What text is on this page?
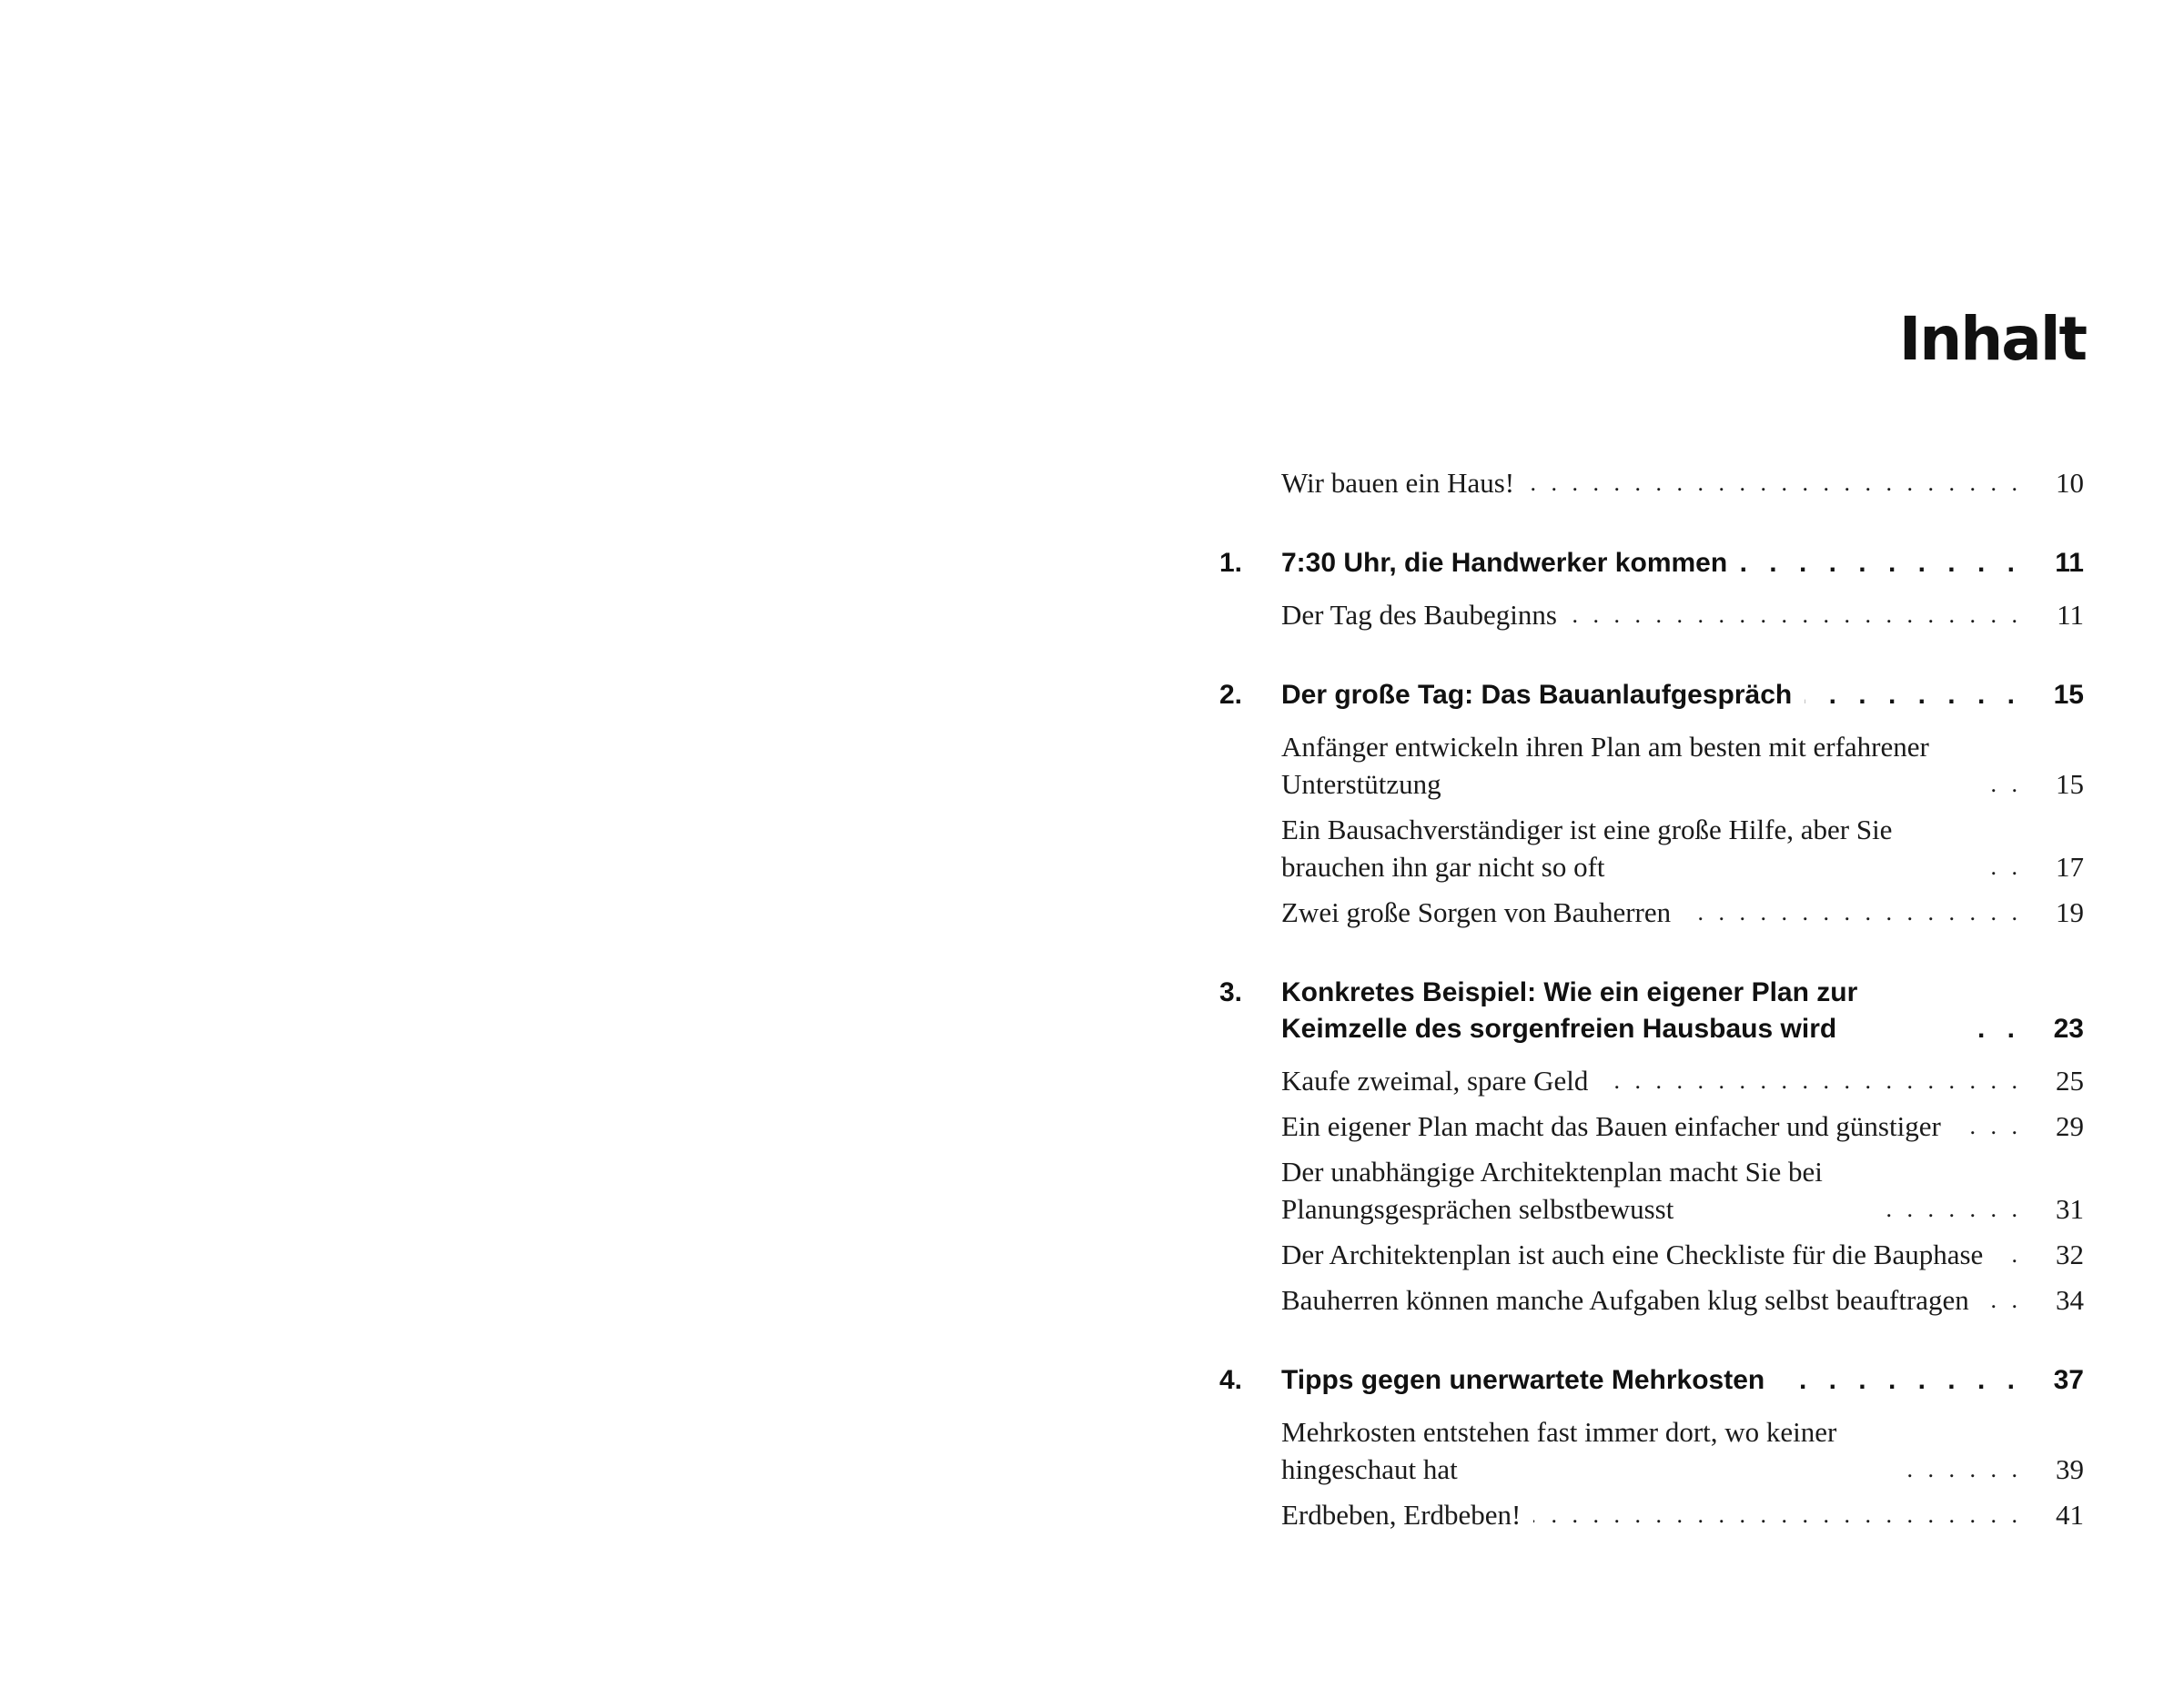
Inhalt
Wir bauen ein Haus! . . .	10
1.	7:30 Uhr, die Handwerker kommen . . .	11
Der Tag des Baubeginns . . .	11
2.	Der große Tag: Das Bauanlaufgespräch . . .	15
Anfänger entwickeln ihren Plan am besten mit erfahrener Unterstützung . . .	15
Ein Bausachverständiger ist eine große Hilfe, aber Sie brauchen ihn gar nicht so oft . . .	17
Zwei große Sorgen von Bauherren . . .	19
3.	Konkretes Beispiel: Wie ein eigener Plan zur Keimzelle des sorgenfreien Hausbaus wird . . .	23
Kaufe zweimal, spare Geld . . .	25
Ein eigener Plan macht das Bauen einfacher und günstiger . . .	29
Der unabhängige Architektenplan macht Sie bei Planungsgesprächen selbstbewusst . . .	31
Der Architektenplan ist auch eine Checkliste für die Bauphase . . .	32
Bauherren können manche Aufgaben klug selbst beauftragen . . .	34
4.	Tipps gegen unerwartete Mehrkosten . . .	37
Mehrkosten entstehen fast immer dort, wo keiner hingeschaut hat . . .	39
Erdbeben, Erdbeben! . . .	41
